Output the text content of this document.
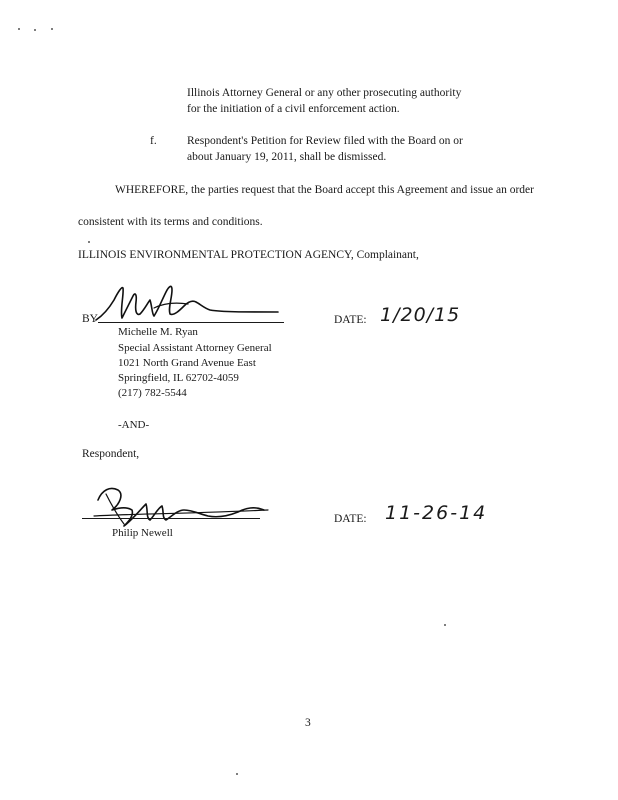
Illinois Attorney General or any other prosecuting authority
for the initiation of a civil enforcement action.
f.	Respondent's Petition for Review filed with the Board on or
about January 19, 2011, shall be dismissed.
WHEREFORE, the parties request that the Board accept this Agreement and issue an order
consistent with its terms and conditions.
ILLINOIS ENVIRONMENTAL PROTECTION AGENCY, Complainant,
BY	DATE: 1/20/15
Michelle M. Ryan
Special Assistant Attorney General
1021 North Grand Avenue East
Springfield, IL 62702-4059
(217) 782-5544
-AND-
Respondent,
DATE: 11-26-14
Philip Newell
3
